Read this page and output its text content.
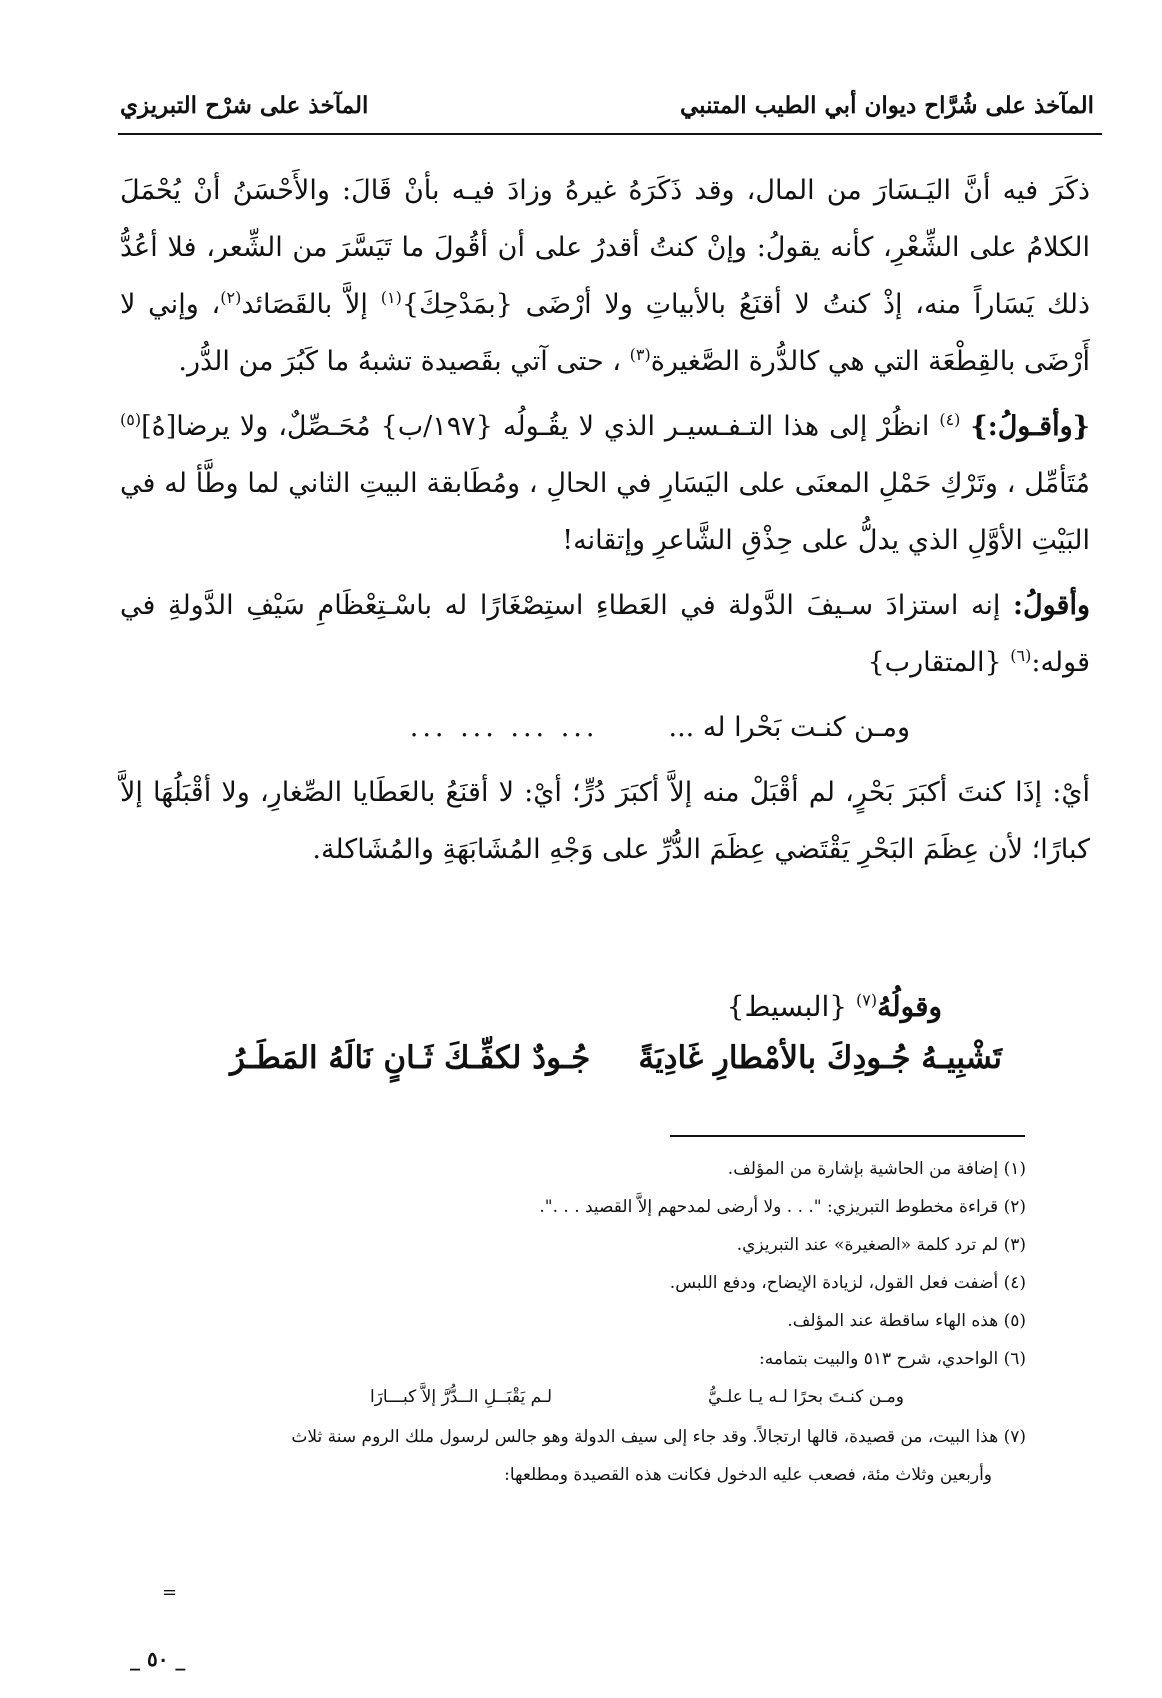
المآخذ على شُرَّاح ديوان أبي الطيب المتنبي
المآخذ على شرْح التبريزي

ذكَرَ فيه أنَّ اليَـسَارَ من المال، وقد ذَكَرَهُ غيرهُ وزادَ فيـه بأنْ قَالَ: والأَحْسَنُ أنْ يُحْمَلَ الكلامُ على الشِّعْرِ، كأنه يقولُ: وإنْ كنتُ أقدرُ على أن أقُولَ ما تَيَسَّرَ من الشِّعر، فلا أعُدُّ ذلك يَسَاراً منه، إذْ كنتُ لا أقنَعُ بالأبياتِ ولا أرْضَى {بمَدْحِكَ}$^{(١)}$ إلاَّ بالقَصَائد$^{(٢)}$، وإني لا أَرْضَى بالقِطْعَة التي هي كالدُّرة الصَّغيرة$^{(٣)}$ ، حتى آتي بقَصيدة تشبهُ ما كَبُرَ من الدُّر.

{وأقـولُ:} $^{(٤)}$ انظُرْ إلى هذا التـفـسيـر الذي لا يقُـولُه {١٩٧/ب} مُحَـصِّلٌ، ولا يرضا[هُ]$^{(٥)}$ مُتَأمِّل ، وتَرْكِ حَمْلِ المعنَى على اليَسَارِ في الحالِ ، ومُطَابقة البيتِ الثاني لما وطَّأ له في البَيْتِ الأوَّلِ الذي يدلُّ على حِذْقِ الشَّاعرِ وإتقانه!

وأقولُ: إنه استزادَ سـيفَ الدَّولة في العَطاءِ استِصْغَارًا له باسْـتِعْظَامِ سَيْفِ الدَّولةِ في قوله:$^{(٦)}$ {المتقارب}

ومـن كنـت بَحْرا له ...... ... ... ...

أيْ: إذَا كنتَ أكبَرَ بَحْرٍ، لم أقْبَلْ منه إلاَّ أكبَرَ دُرٍّ؛ أيْ: لا أقنَعُ بالعَطَايا الصِّغارِ، ولا أقْبَلُهَا إلاَّ كبارًا؛ لأن عِظَمَ البَحْرِ يَقْتَضي عِظَمَ الدُّرِّ على وَجْهِ المُشَابَهَةِ والمُشَاكلة.

وقولُهُ$^{(٧)}$ {البسيط}
تَشْبِيـهُ جُـودِكَ بالأمْطارِ غَادِيَةً
جُـودٌ لكفِّـكَ ثَـانٍ نَالَهُ المَطَـرُ

(١) إضافة من الحاشية بإشارة من المؤلف.

(٢) قراءة مخطوط التبريزي: ". . . ولا أرضى لمدحهم إلاَّ القصيد . . .".

(٣) لم ترد كلمة «الصغيرة» عند التبريزي.

(٤) أضفت فعل القول، لزيادة الإيضاح، ودفع اللبس.

(٥) هذه الهاء ساقطة عند المؤلف.

(٦) الواحدي، شرح ٥١٣ والبيت بتمامه:

ومـن كنـتَ بحرًا لـه يـا علـيُّ
لـم يَقْبَــلِ الــدُّرَّ إلاَّ كبـــارَا

(٧) هذا البيت، من قصيدة، قالها ارتجالاً. وقد جاء إلى سيف الدولة وهو جالس لرسول ملك الروم سنة ثلاث

وأربعين وثلاث مئة، فصعب عليه الدخول فكانت هذه القصيدة ومطلعها:

=
_ ٥٠ _
